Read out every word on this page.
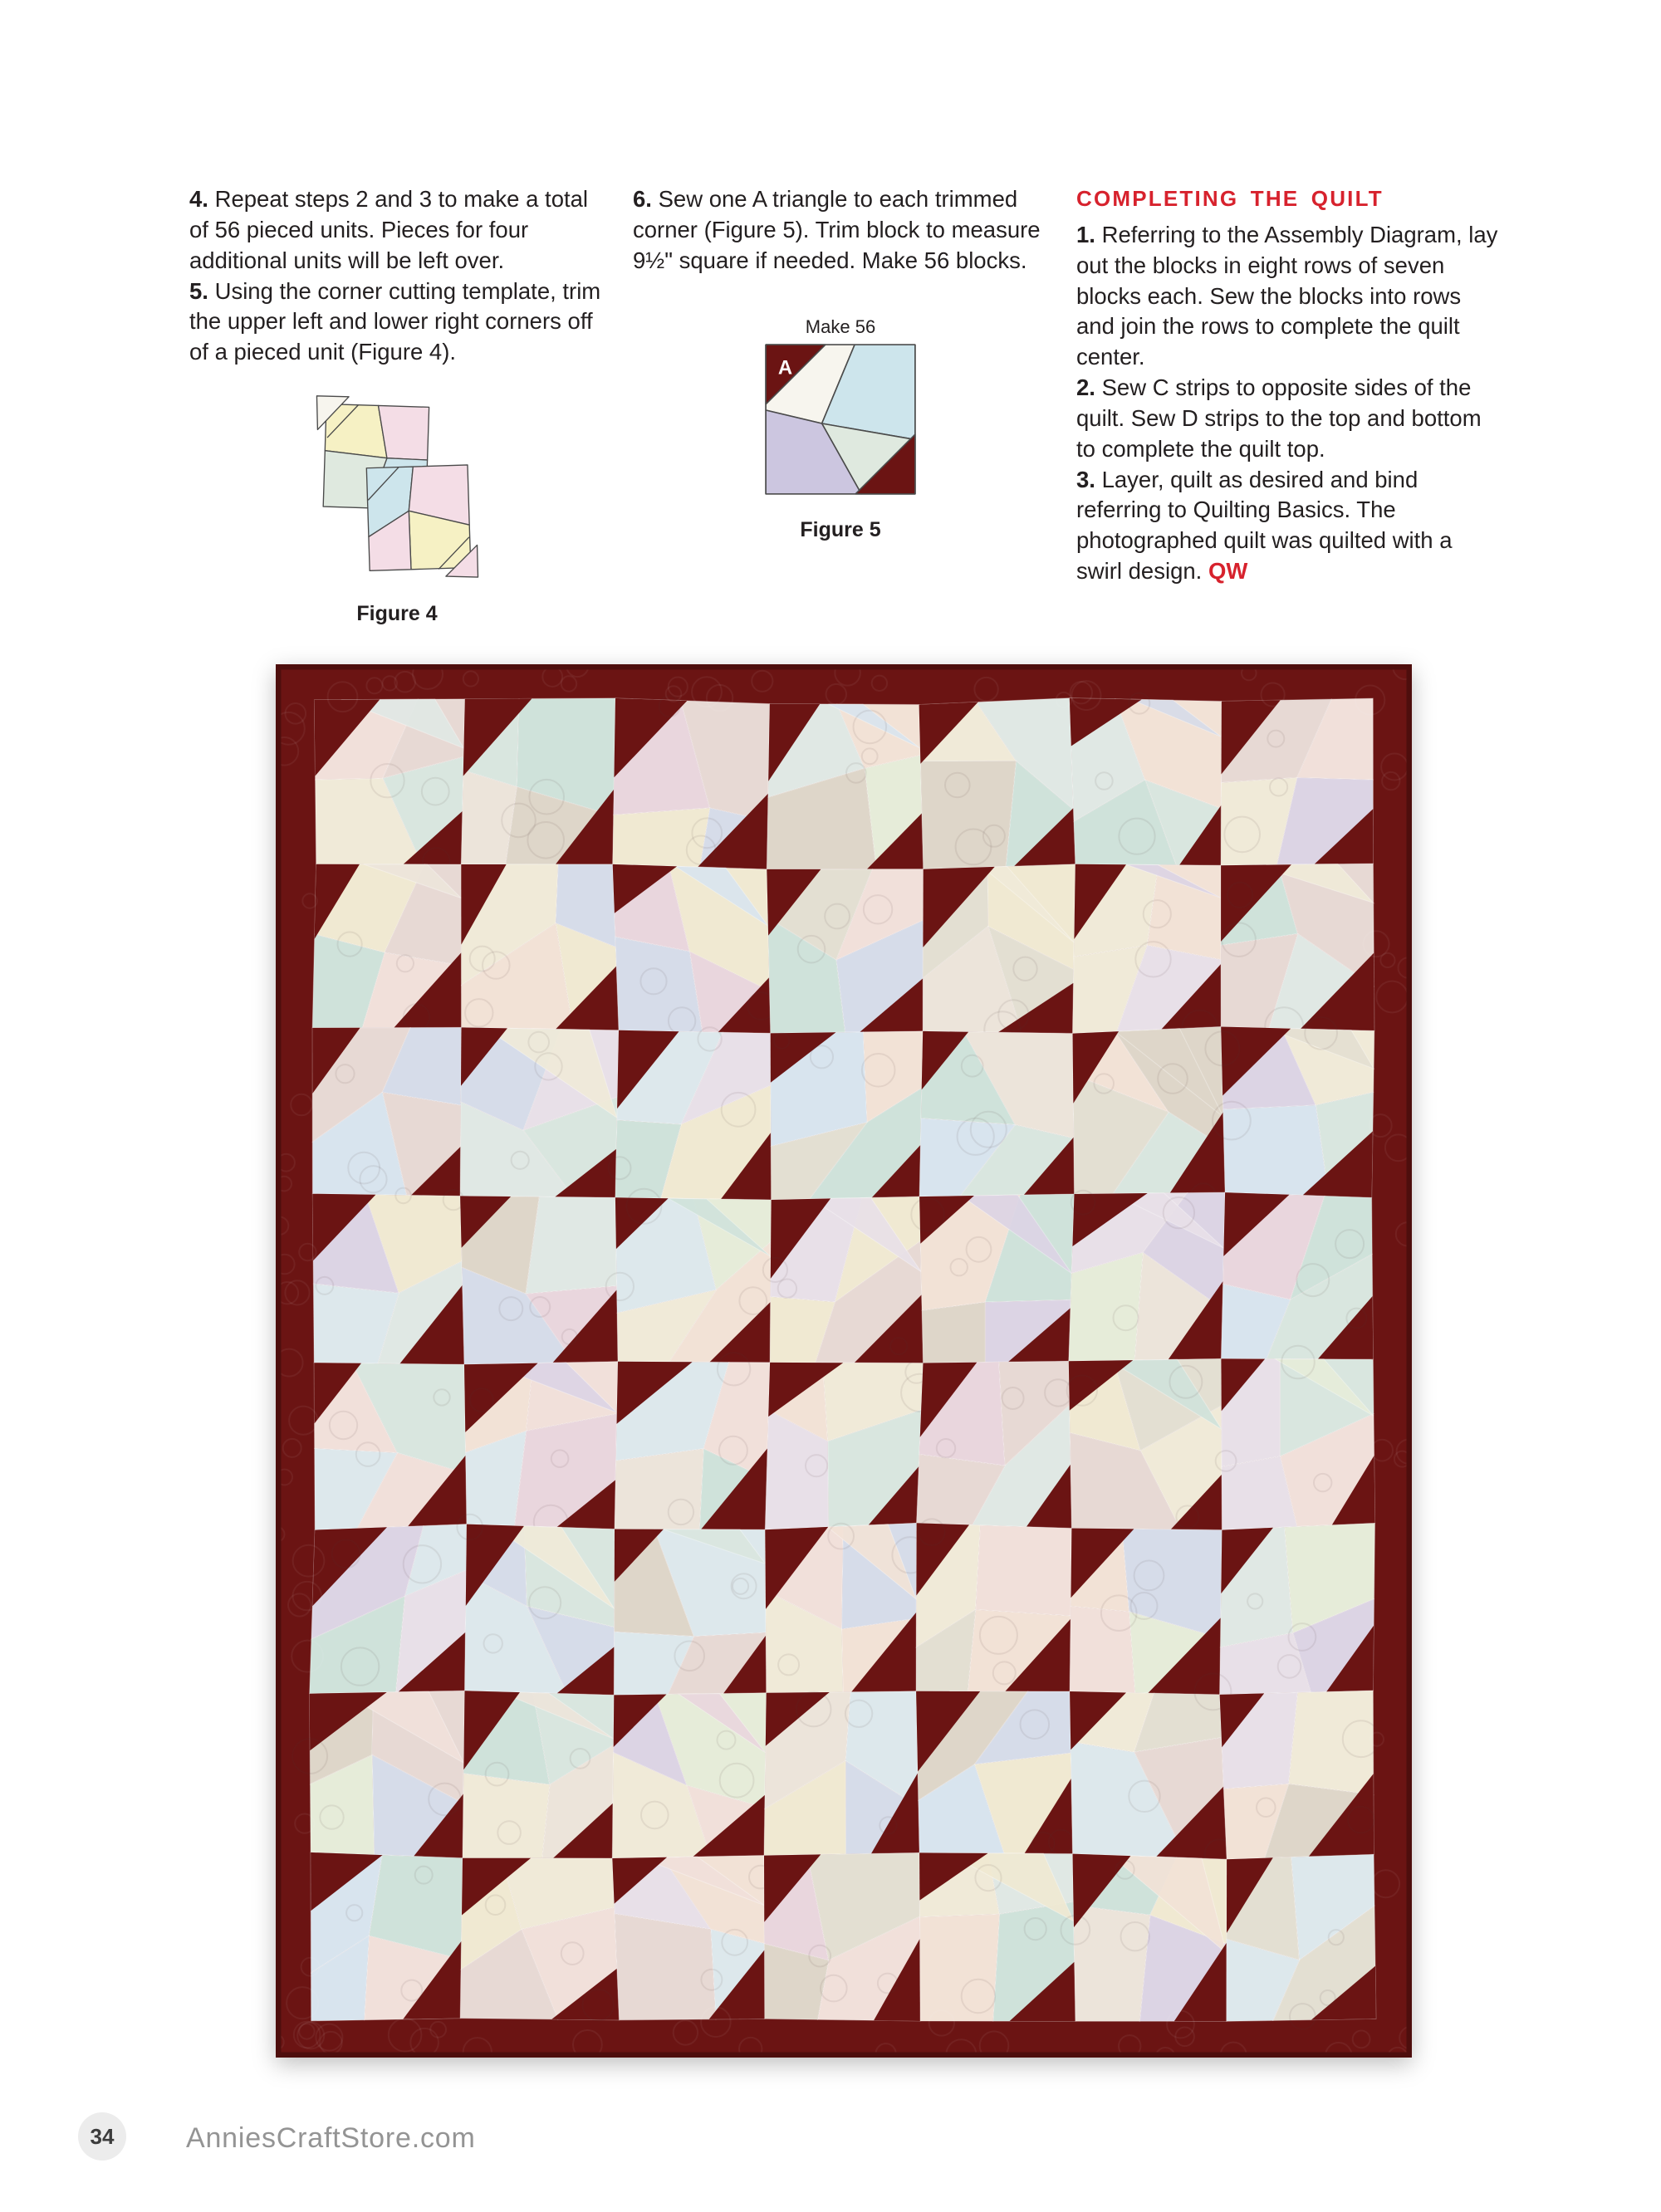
4. Repeat steps 2 and 3 to make a total of 56 pieced units. Pieces for four additional units will be left over.

5. Using the corner cutting template, trim the upper left and lower right corners off of a pieced unit (Figure 4).

Figure 4

6. Sew one A triangle to each trimmed corner (Figure 5). Trim block to measure 9½" square if needed. Make 56 blocks.

Make 56
A
Figure 5
COMPLETING THE QUILT

1. Referring to the Assembly Diagram, lay out the blocks in eight rows of seven blocks each. Sew the blocks into rows and join the rows to complete the quilt center.

2. Sew C strips to opposite sides of the quilt. Sew D strips to the top and bottom to complete the quilt top.

3. Layer, quilt as desired and bind referring to Quilting Basics. The photographed quilt was quilted with a swirl design. QW

34	AnniesCraftStore.com
